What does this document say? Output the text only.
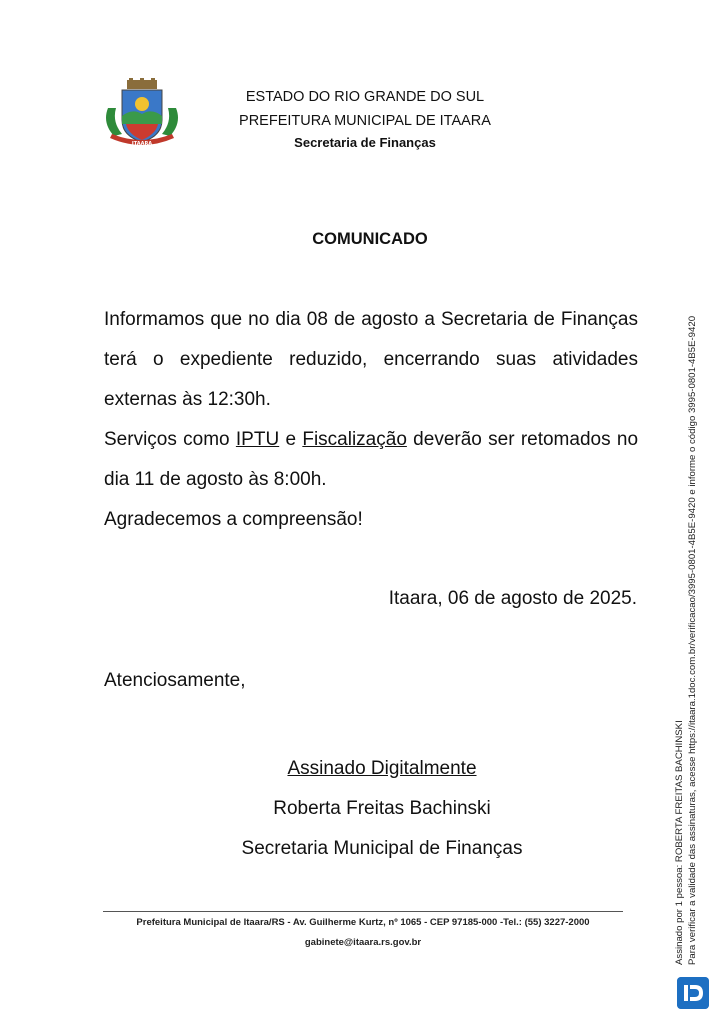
ITAARA
ESTADO DO RIO GRANDE DO SUL
PREFEITURA MUNICIPAL DE ITAARA
Secretaria de Finanças
COMUNICADO
Informamos que no dia 08 de agosto a Secretaria de Finanças
terá o expediente reduzido, encerrando suas atividades
externas às 12:30h.
Serviços como IPTU e Fiscalização deverão ser retomados no
dia 11 de agosto às 8:00h.
Agradecemos a compreensão!
Itaara, 06 de agosto de 2025.
Atenciosamente,
Assinado Digitalmente
Roberta Freitas Bachinski
Secretaria Municipal de Finanças
Prefeitura Municipal de Itaara/RS - Av. Guilherme Kurtz, nº 1065 - CEP 97185-000 -Tel.: (55) 3227-2000
gabinete@itaara.rs.gov.br	Assinado por 1 pessoa: ROBERTA FREITAS BACHINSKI Para verificar a validade das assinaturas, acesse https://itaara.1doc.com.br/verificacao/3995-0801-4B5E-9420 e informe o código 3995-0801-4B5E-9420
